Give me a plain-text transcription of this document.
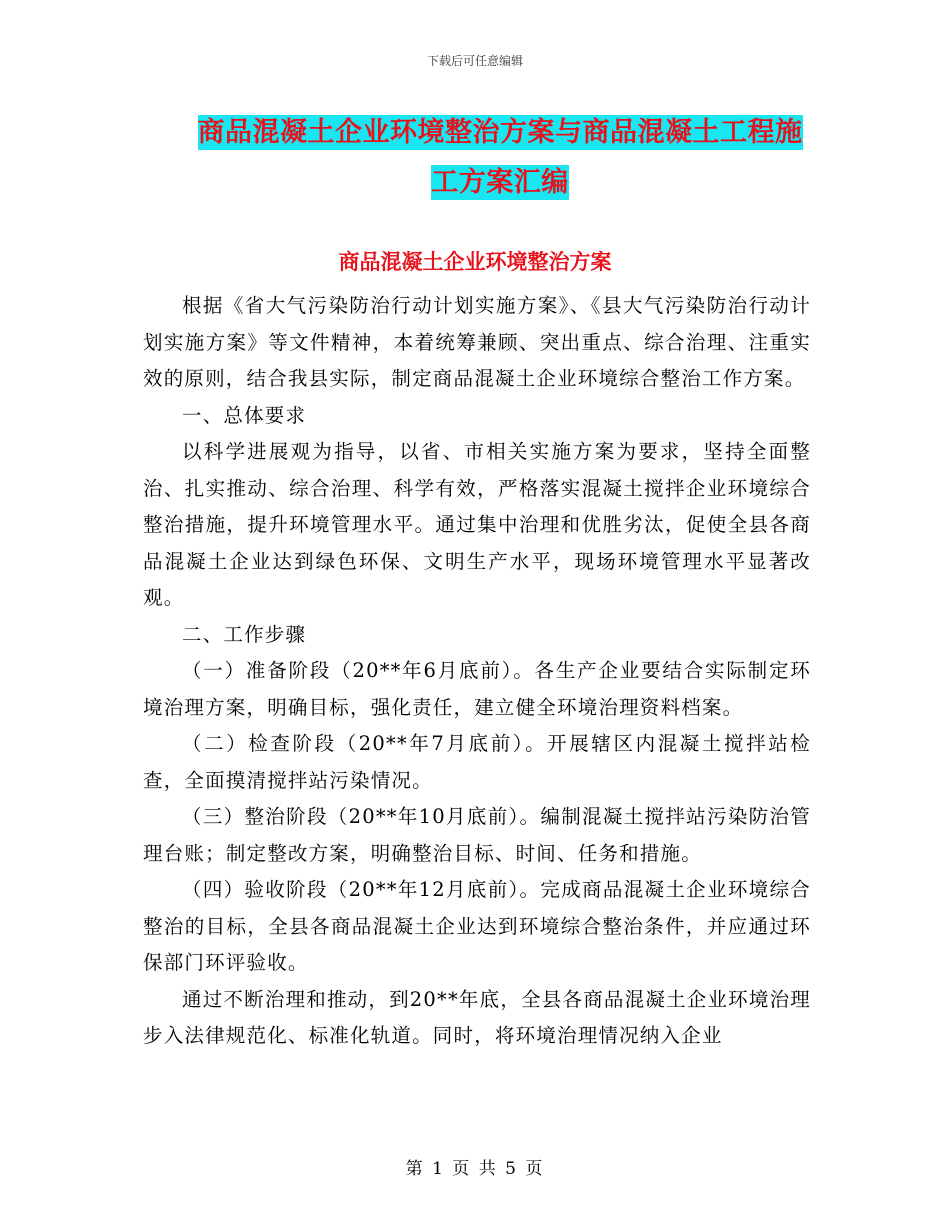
下载后可任意编辑
商品混凝土企业环境整治方案与商品混凝土工程施工方案汇编
商品混凝土企业环境整治方案

根据《省大气污染防治行动计划实施方案》、《县大气污染防治行动计划实施方案》等文件精神，本着统筹兼顾、突出重点、综合治理、注重实效的原则，结合我县实际，制定商品混凝土企业环境综合整治工作方案。

一、总体要求

以科学进展观为指导，以省、市相关实施方案为要求，坚持全面整治、扎实推动、综合治理、科学有效，严格落实混凝土搅拌企业环境综合整治措施，提升环境管理水平。通过集中治理和优胜劣汰，促使全县各商品混凝土企业达到绿色环保、文明生产水平，现场环境管理水平显著改观。

二、工作步骤

（一）准备阶段（20**年6月底前）。各生产企业要结合实际制定环境治理方案，明确目标，强化责任，建立健全环境治理资料档案。

（二）检查阶段（20**年7月底前）。开展辖区内混凝土搅拌站检查，全面摸清搅拌站污染情况。

（三）整治阶段（20**年10月底前）。编制混凝土搅拌站污染防治管理台账；制定整改方案，明确整治目标、时间、任务和措施。

（四）验收阶段（20**年12月底前）。完成商品混凝土企业环境综合整治的目标，全县各商品混凝土企业达到环境综合整治条件，并应通过环保部门环评验收。

通过不断治理和推动，到20**年底，全县各商品混凝土企业环境治理步入法律规范化、标准化轨道。同时，将环境治理情况纳入企业

第 1 页 共 5 页
